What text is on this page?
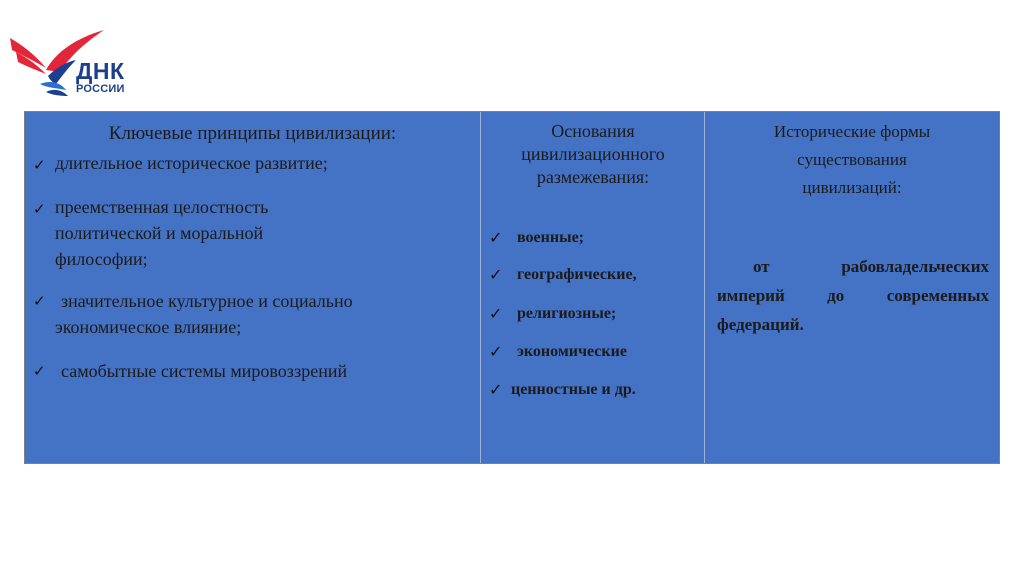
ДНК
РОССИИ
Ключевые принципы цивилизации:
✓ длительное историческое развитие;
✓ преемственная целостность
политической и моральной
философии;
✓ значительное культурное и социально
экономическое влияние;
✓ самобытные системы мировоззрений
Основания
цивилизационного
размежевания:
✓ военные;
✓ географические,
✓ религиозные;
✓ экономические
✓ ценностные и др.
Исторические формы
существования
цивилизаций:
от рабовладельческих
империй до современных
федераций.
